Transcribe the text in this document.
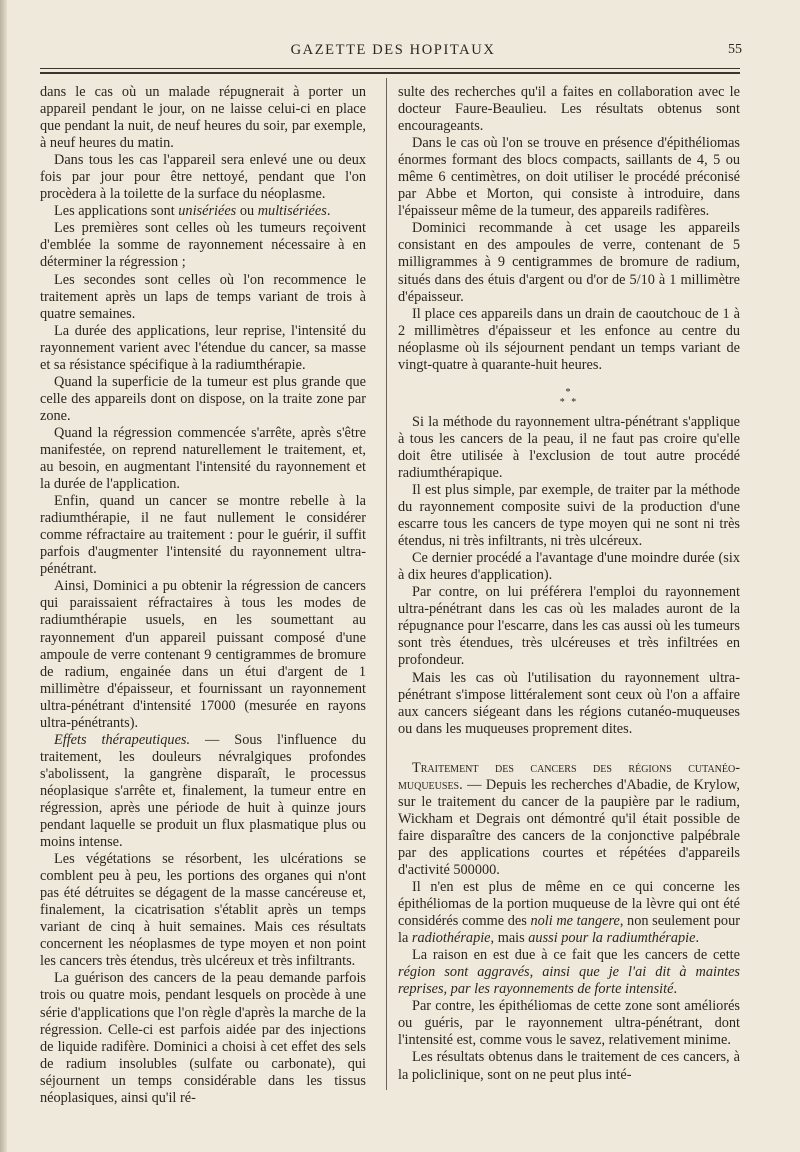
GAZETTE DES HOPITAUX	55

dans le cas où un malade répugnerait à porter un appareil pendant le jour, on ne laisse celui-ci en place que pendant la nuit, de neuf heures du soir, par exemple, à neuf heures du matin.

Dans tous les cas l'appareil sera enlevé une ou deux fois par jour pour être nettoyé, pendant que l'on procèdera à la toilette de la surface du néoplasme.

Les applications sont unisériées ou multisériées.

Les premières sont celles où les tumeurs reçoivent d'emblée la somme de rayonnement nécessaire à en déterminer la régression ;

Les secondes sont celles où l'on recommence le traitement après un laps de temps variant de trois à quatre semaines.

La durée des applications, leur reprise, l'intensité du rayonnement varient avec l'étendue du cancer, sa masse et sa résistance spécifique à la radiumthérapie.

Quand la superficie de la tumeur est plus grande que celle des appareils dont on dispose, on la traite zone par zone.

Quand la régression commencée s'arrête, après s'être manifestée, on reprend naturellement le traitement, et, au besoin, en augmentant l'intensité du rayonnement et la durée de l'application.

Enfin, quand un cancer se montre rebelle à la radiumthérapie, il ne faut nullement le considérer comme réfractaire au traitement : pour le guérir, il suffit parfois d'augmenter l'intensité du rayonnement ultra-pénétrant.

Ainsi, Dominici a pu obtenir la régression de cancers qui paraissaient réfractaires à tous les modes de radiumthérapie usuels, en les soumettant au rayonnement d'un appareil puissant composé d'une ampoule de verre contenant 9 centigrammes de bromure de radium, engainée dans un étui d'argent de 1 millimètre d'épaisseur, et fournissant un rayonnement ultra-pénétrant d'intensité 17000 (mesurée en rayons ultra-pénétrants).

Effets thérapeutiques. — Sous l'influence du traitement, les douleurs névralgiques profondes s'abolissent, la gangrène disparaît, le processus néoplasique s'arrête et, finalement, la tumeur entre en régression, après une période de huit à quinze jours pendant laquelle se produit un flux plasmatique plus ou moins intense.

Les végétations se résorbent, les ulcérations se comblent peu à peu, les portions des organes qui n'ont pas été détruites se dégagent de la masse cancéreuse et, finalement, la cicatrisation s'établit après un temps variant de cinq à huit semaines. Mais ces résultats concernent les néoplasmes de type moyen et non point les cancers très étendus, très ulcéreux et très infiltrants.

La guérison des cancers de la peau demande parfois trois ou quatre mois, pendant lesquels on procède à une série d'applications que l'on règle d'après la marche de la régression. Celle-ci est parfois aidée par des injections de liquide radifère. Dominici a choisi à cet effet des sels de radium insolubles (sulfate ou carbonate), qui séjournent un temps considérable dans les tissus néoplasiques, ainsi qu'il ré-

sulte des recherches qu'il a faites en collaboration avec le docteur Faure-Beaulieu. Les résultats obtenus sont encourageants.

Dans le cas où l'on se trouve en présence d'épithéliomas énormes formant des blocs compacts, saillants de 4, 5 ou même 6 centimètres, on doit utiliser le procédé préconisé par Abbe et Morton, qui consiste à introduire, dans l'épaisseur même de la tumeur, des appareils radifères.

Dominici recommande à cet usage les appareils consistant en des ampoules de verre, contenant de 5 milligrammes à 9 centigrammes de bromure de radium, situés dans des étuis d'argent ou d'or de 5/10 à 1 millimètre d'épaisseur.

Il place ces appareils dans un drain de caoutchouc de 1 à 2 millimètres d'épaisseur et les enfonce au centre du néoplasme où ils séjournent pendant un temps variant de vingt-quatre à quarante-huit heures.

*
* *

Si la méthode du rayonnement ultra-pénétrant s'applique à tous les cancers de la peau, il ne faut pas croire qu'elle doit être utilisée à l'exclusion de tout autre procédé radiumthérapique.

Il est plus simple, par exemple, de traiter par la méthode du rayonnement composite suivi de la production d'une escarre tous les cancers de type moyen qui ne sont ni très étendus, ni très infiltrants, ni très ulcéreux.

Ce dernier procédé a l'avantage d'une moindre durée (six à dix heures d'application).

Par contre, on lui préférera l'emploi du rayonnement ultra-pénétrant dans les cas où les malades auront de la répugnance pour l'escarre, dans les cas aussi où les tumeurs sont très étendues, très ulcéreuses et très infiltrées en profondeur.

Mais les cas où l'utilisation du rayonnement ultra-pénétrant s'impose littéralement sont ceux où l'on a affaire aux cancers siégeant dans les régions cutanéo-muqueuses ou dans les muqueuses proprement dites.

Traitement des cancers des régions cutanéo-muqueuses. — Depuis les recherches d'Abadie, de Krylow, sur le traitement du cancer de la paupière par le radium, Wickham et Degrais ont démontré qu'il était possible de faire disparaître des cancers de la conjonctive palpébrale par des applications courtes et répétées d'appareils d'activité 500000.

Il n'en est plus de même en ce qui concerne les épithéliomas de la portion muqueuse de la lèvre qui ont été considérés comme des noli me tangere, non seulement pour la radiothérapie, mais aussi pour la radiumthérapie.

La raison en est due à ce fait que les cancers de cette région sont aggravés, ainsi que je l'ai dit à maintes reprises, par les rayonnements de forte intensité.

Par contre, les épithéliomas de cette zone sont améliorés ou guéris, par le rayonnement ultra-pénétrant, dont l'intensité est, comme vous le savez, relativement minime.

Les résultats obtenus dans le traitement de ces cancers, à la policlinique, sont on ne peut plus inté-
